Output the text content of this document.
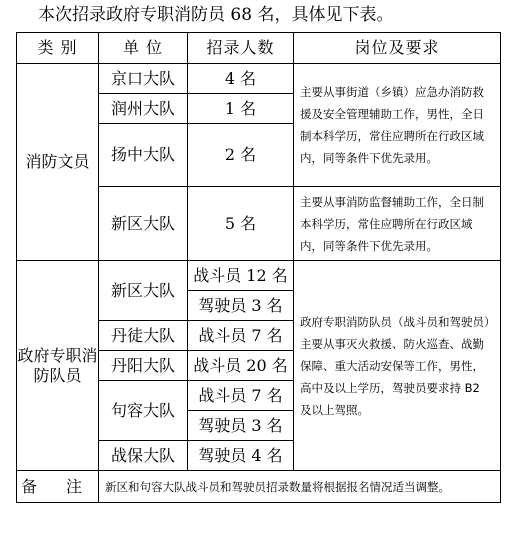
本次招录政府专职消防员 68 名，具体见下表。
类 别	单 位	招录人数	岗位及要求
消防文员	京口大队	4 名	主要从事街道（乡镇）应急办消防救援及安全管理辅助工作，男性，全日制本科学历，常住应聘所在行政区域内，同等条件下优先录用。
	润州大队	1 名	
	扬中大队	2 名	
	新区大队	5 名	主要从事消防监督辅助工作，全日制本科学历，常住应聘所在行政区域内，同等条件下优先录用。
政府专职消防队员	新区大队	战斗员 12 名	政府专职消防队员（战斗员和驾驶员）主要从事灭火救援、防火巡查、战勤保障、重大活动安保等工作，男性，高中及以上学历，驾驶员要求持 B2 及以上驾照。
		驾驶员 3 名	
	丹徒大队	战斗员 7 名	
	丹阳大队	战斗员 20 名	
	句容大队	战斗员 7 名	
		驾驶员 3 名	
	战保大队	驾驶员 4 名	
备 注	新区和句容大队战斗员和驾驶员招录数量将根据报名情况适当调整。		
